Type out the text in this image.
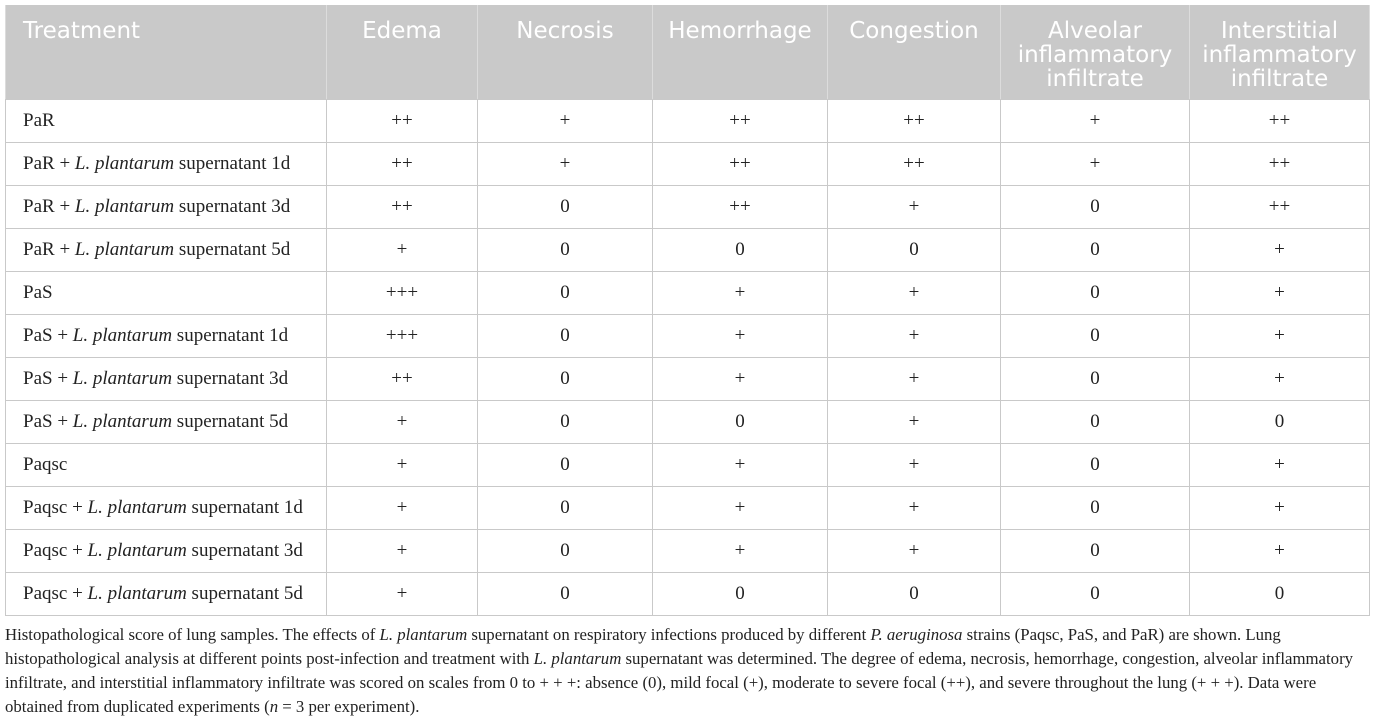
Treatment	Edema	Necrosis	Hemorrhage	Congestion	Alveolar inflammatory infiltrate	Interstitial inflammatory infiltrate
PaR	++	+	++	++	+	++
PaR + L. plantarum supernatant 1d	++	+	++	++	+	++
PaR + L. plantarum supernatant 3d	++	0	++	+	0	++
PaR + L. plantarum supernatant 5d	+	0	0	0	0	+
PaS	+++	0	+	+	0	+
PaS + L. plantarum supernatant 1d	+++	0	+	+	0	+
PaS + L. plantarum supernatant 3d	++	0	+	+	0	+
PaS + L. plantarum supernatant 5d	+	0	0	+	0	0
Paqsc	+	0	+	+	0	+
Paqsc + L. plantarum supernatant 1d	+	0	+	+	0	+
Paqsc + L. plantarum supernatant 3d	+	0	+	+	0	+
Paqsc + L. plantarum supernatant 5d	+	0	0	0	0	0

Histopathological score of lung samples. The effects of L. plantarum supernatant on respiratory infections produced by different P. aeruginosa strains (Paqsc, PaS, and PaR) are shown. Lung histopathological analysis at different points post-infection and treatment with L. plantarum supernatant was determined. The degree of edema, necrosis, hemorrhage, congestion, alveolar inflammatory infiltrate, and interstitial inflammatory infiltrate was scored on scales from 0 to + + +: absence (0), mild focal (+), moderate to severe focal (++), and severe throughout the lung (+ + +). Data were obtained from duplicated experiments (n = 3 per experiment).
